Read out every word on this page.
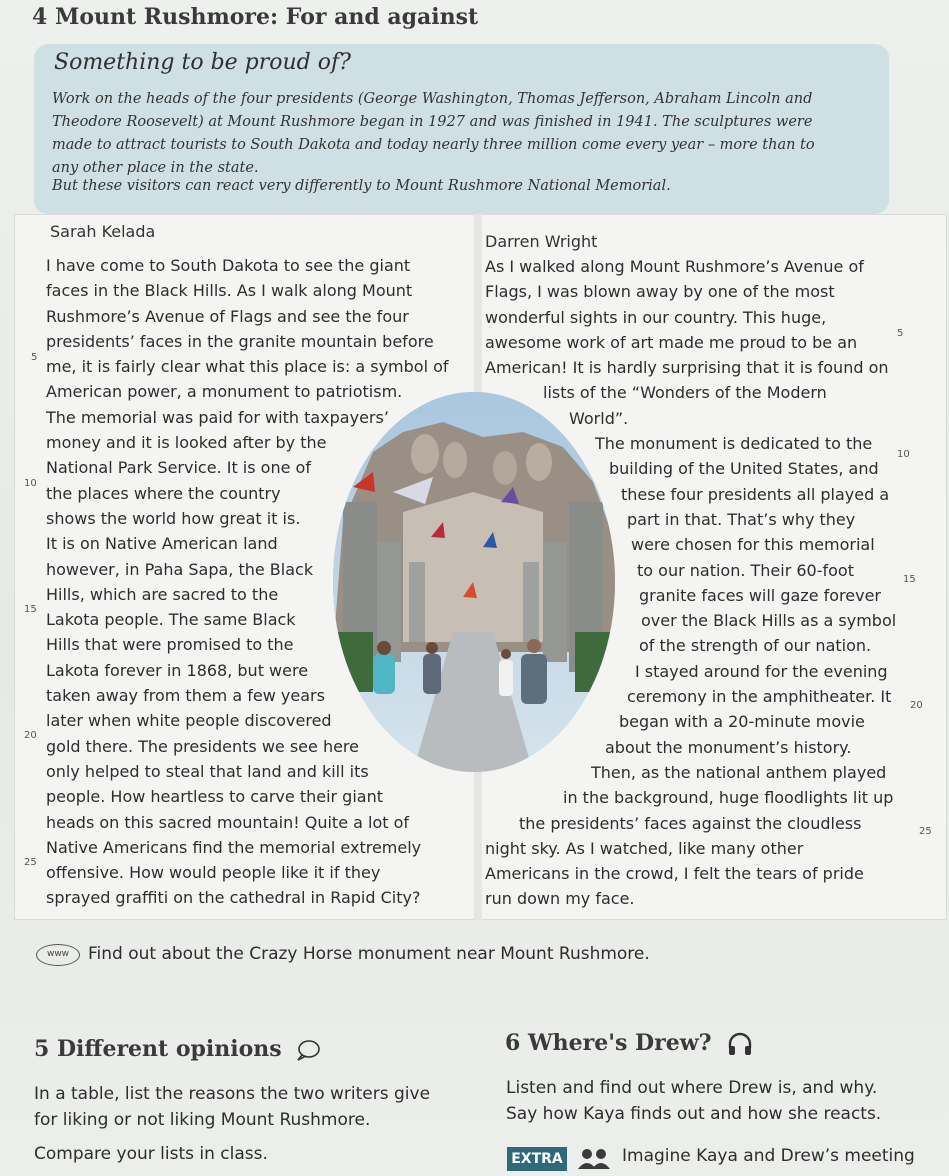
4 Mount Rushmore: For and against
Something to be proud of?
Work on the heads of the four presidents (George Washington, Thomas Jefferson, Abraham Lincoln and
Theodore Roosevelt) at Mount Rushmore began in 1927 and was finished in 1941. The sculptures were
made to attract tourists to South Dakota and today nearly three million come every year – more than to
any other place in the state.
But these visitors can react very differently to Mount Rushmore National Memorial.
Sarah Kelada
I have come to South Dakota to see the giant
faces in the Black Hills. As I walk along Mount
Rushmore’s Avenue of Flags and see the four
presidents’ faces in the granite mountain before
me, it is fairly clear what this place is: a symbol of
American power, a monument to patriotism.
The memorial was paid for with taxpayers’
money and it is looked after by the
National Park Service. It is one of
the places where the country
shows the world how great it is.
It is on Native American land
however, in Paha Sapa, the Black
Hills, which are sacred to the
Lakota people. The same Black
Hills that were promised to the
Lakota forever in 1868, but were
taken away from them a few years
later when white people discovered
gold there. The presidents we see here
only helped to steal that land and kill its
people. How heartless to carve their giant
heads on this sacred mountain! Quite a lot of
Native Americans find the memorial extremely
offensive. How would people like it if they
sprayed graffiti on the cathedral in Rapid City?
5
10
15
20
25
Darren Wright
As I walked along Mount Rushmore’s Avenue of
Flags, I was blown away by one of the most
wonderful sights in our country. This huge,
awesome work of art made me proud to be an
American! It is hardly surprising that it is found on
lists of the “Wonders of the Modern
World”.
The monument is dedicated to the
building of the United States, and
these four presidents all played a
part in that. That’s why they
were chosen for this memorial
to our nation. Their 60-foot
granite faces will gaze forever
over the Black Hills as a symbol
of the strength of our nation.
I stayed around for the evening
ceremony in the amphitheater. It
began with a 20-minute movie
about the monument’s history.
Then, as the national anthem played
in the background, huge floodlights lit up
the presidents’ faces against the cloudless
night sky. As I watched, like many other
Americans in the crowd, I felt the tears of pride
run down my face.
5
10
15
20
25
www	Find out about the Crazy Horse monument near Mount Rushmore.
5 Different opinions
In a table, list the reasons the two writers give
for liking or not liking Mount Rushmore.
Compare your lists in class.
6 Where's Drew?
Listen and find out where Drew is, and why.
Say how Kaya finds out and how she reacts.
EXTRA	Imagine Kaya and Drew’s meeting
